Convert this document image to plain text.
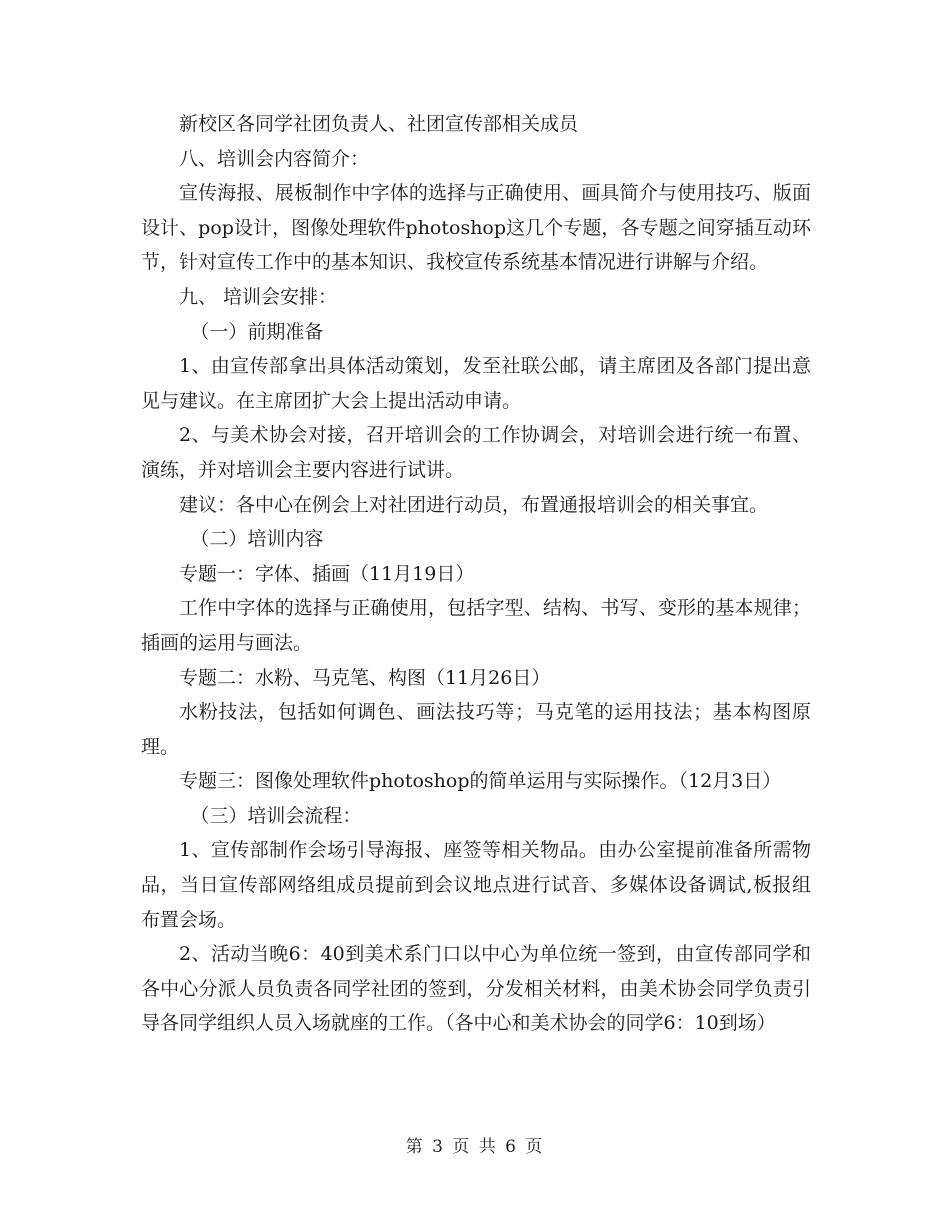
新校区各同学社团负责人、社团宣传部相关成员

八、培训会内容简介：

宣传海报、展板制作中字体的选择与正确使用、画具简介与使用技巧、版面设计、pop设计，图像处理软件photoshop这几个专题，各专题之间穿插互动环节，针对宣传工作中的基本知识、我校宣传系统基本情况进行讲解与介绍。

九、 培训会安排：

（一）前期准备

1、由宣传部拿出具体活动策划，发至社联公邮，请主席团及各部门提出意见与建议。在主席团扩大会上提出活动申请。

2、与美术协会对接，召开培训会的工作协调会，对培训会进行统一布置、演练，并对培训会主要内容进行试讲。

建议：各中心在例会上对社团进行动员，布置通报培训会的相关事宜。

（二）培训内容

专题一：字体、插画（11月19日）

工作中字体的选择与正确使用，包括字型、结构、书写、变形的基本规律；插画的运用与画法。

专题二：水粉、马克笔、构图（11月26日）

水粉技法，包括如何调色、画法技巧等；马克笔的运用技法；基本构图原理。

专题三：图像处理软件photoshop的简单运用与实际操作。（12月3日）

（三）培训会流程：

1、宣传部制作会场引导海报、座签等相关物品。由办公室提前准备所需物品，当日宣传部网络组成员提前到会议地点进行试音、多媒体设备调试,板报组布置会场。

2、活动当晚6：40到美术系门口以中心为单位统一签到，由宣传部同学和各中心分派人员负责各同学社团的签到，分发相关材料，由美术协会同学负责引导各同学组织人员入场就座的工作。（各中心和美术协会的同学6：10到场）

第 3 页 共 6 页
